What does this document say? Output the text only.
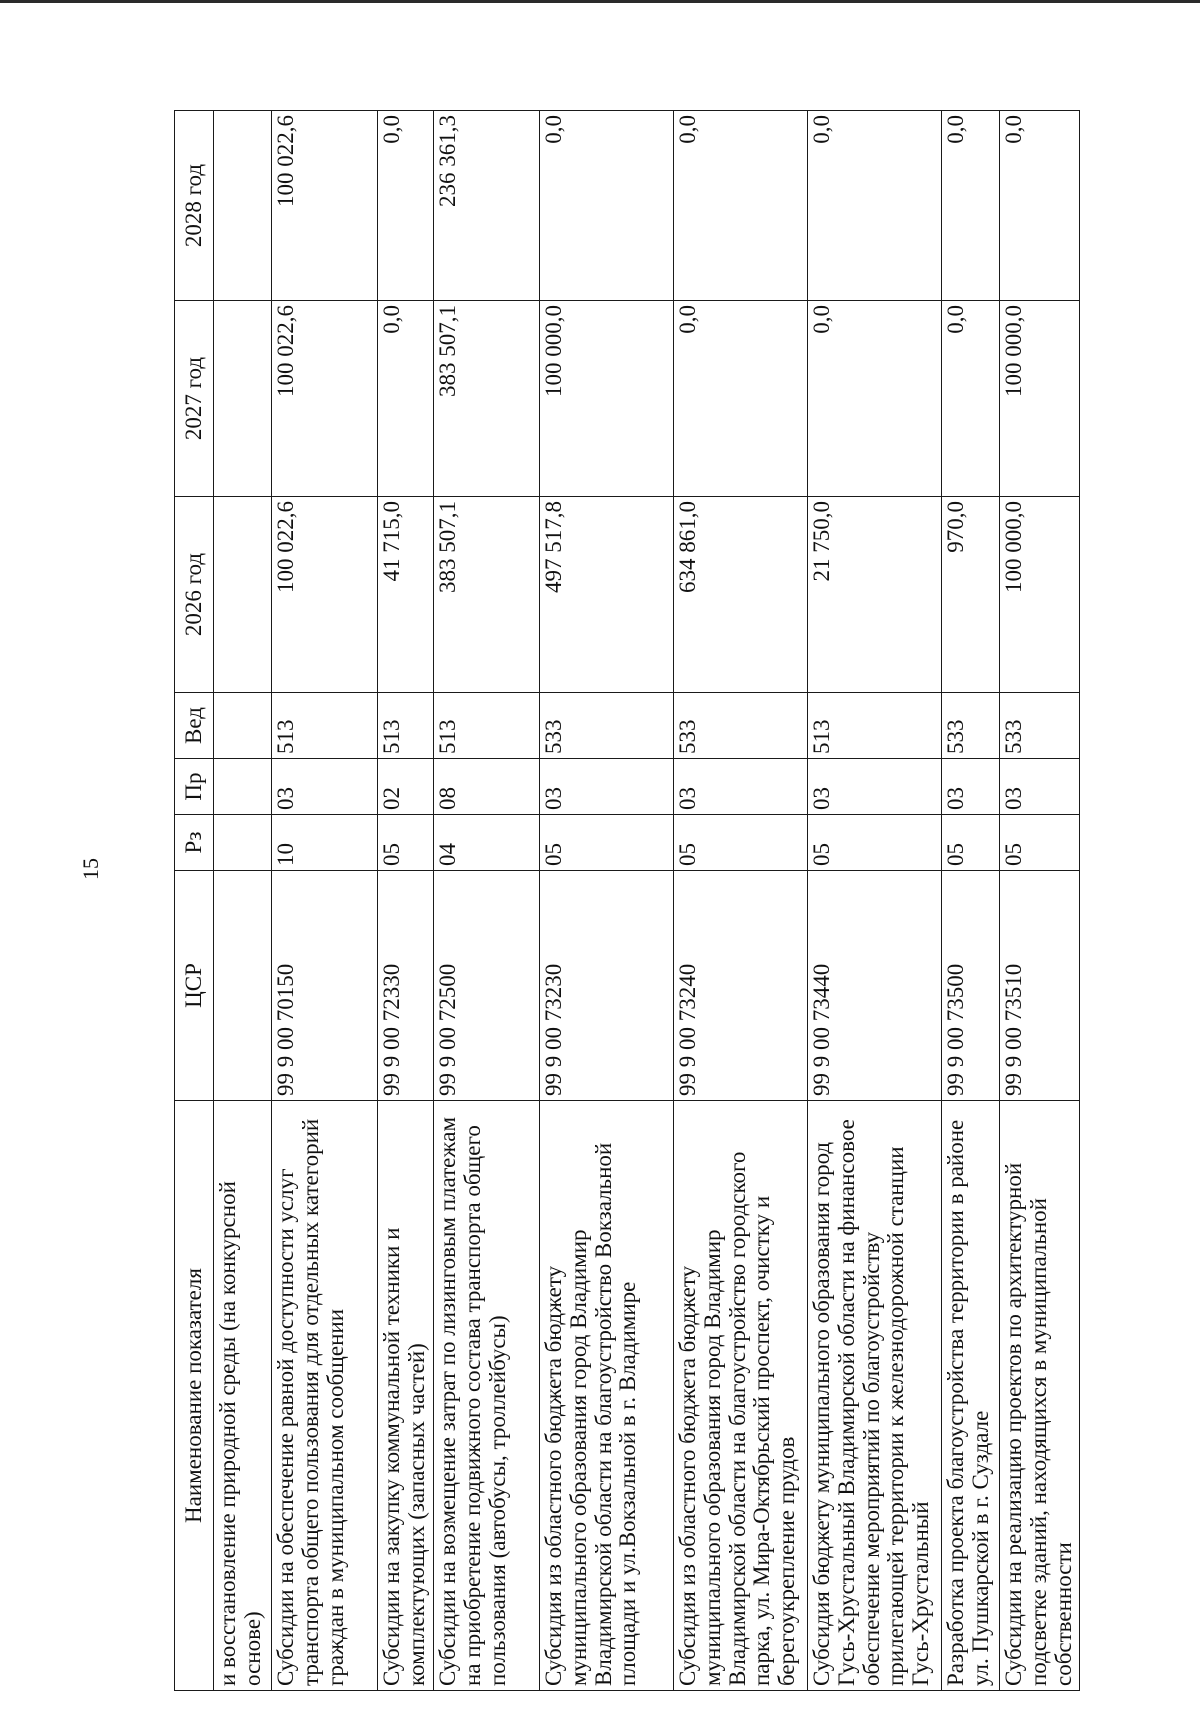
15
Наименование показателя	ЦСР	Рз	Пр	Вед	2026 год	2027 год	2028 год
и восстановление природной среды (на конкурсной основе)							
Субсидии на обеспечение равной доступности услуг транспорта общего пользования для отдельных категорий граждан в муниципальном сообщении	99 9 00 70150	10	03	513	100 022,6	100 022,6	100 022,6
Субсидии на закупку коммунальной техники и комплектующих (запасных частей)	99 9 00 72330	05	02	513	41 715,0	0,0	0,0
Субсидии на возмещение затрат по лизинговым платежам на приобретение подвижного состава транспорта общего пользования (автобусы, троллейбусы)	99 9 00 72500	04	08	513	383 507,1	383 507,1	236 361,3
Субсидия из областного бюджета бюджету муниципального образования город Владимир Владимирской области на благоустройство Вокзальной площади и ул.Вокзальной в г. Владимире	99 9 00 73230	05	03	533	497 517,8	100 000,0	0,0
Субсидия из областного бюджета бюджету муниципального образования город Владимир Владимирской области на благоустройство городского парка, ул. Мира-Октябрьский проспект, очистку и берегоукрепление прудов	99 9 00 73240	05	03	533	634 861,0	0,0	0,0
Субсидия бюджету муниципального образования город Гусь-Хрустальный Владимирской области на финансовое обеспечение мероприятий по благоустройству прилегающей территории к железнодорожной станции Гусь-Хрустальный	99 9 00 73440	05	03	513	21 750,0	0,0	0,0
Разработка проекта благоустройства территории в районе ул. Пушкарской в г. Суздале	99 9 00 73500	05	03	533	970,0	0,0	0,0
Субсидии на реализацию проектов по архитектурной подсветке зданий, находящихся в муниципальной собственности	99 9 00 73510	05	03	533	100 000,0	100 000,0	0,0
